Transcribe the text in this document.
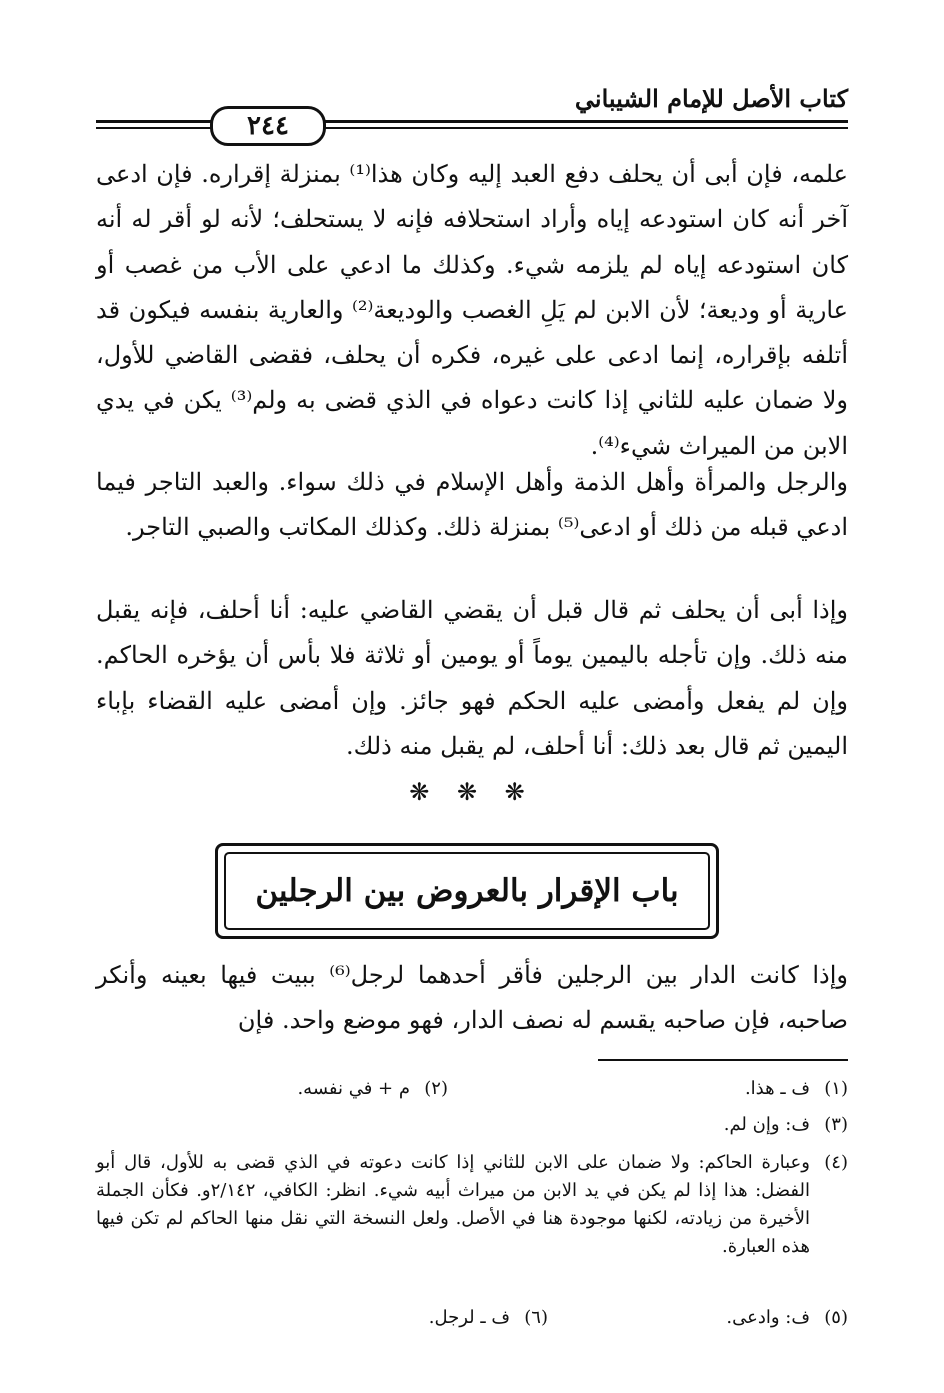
كتاب الأصل للإمام الشيباني
٢٤٤

علمه، فإن أبى أن يحلف دفع العبد إليه وكان هذا⁽¹⁾ بمنزلة إقراره. فإن ادعى آخر أنه كان استودعه إياه وأراد استحلافه فإنه لا يستحلف؛ لأنه لو أقر له أنه كان استودعه إياه لم يلزمه شيء. وكذلك ما ادعي على الأب من غصب أو عارية أو وديعة؛ لأن الابن لم يَلِ الغصب والوديعة⁽²⁾ والعارية بنفسه فيكون قد أتلفه بإقراره، إنما ادعى على غيره، فكره أن يحلف، فقضى القاضي للأول، ولا ضمان عليه للثاني إذا كانت دعواه في الذي قضى به ولم⁽³⁾ يكن في يدي الابن من الميراث شيء⁽⁴⁾.

والرجل والمرأة وأهل الذمة وأهل الإسلام في ذلك سواء. والعبد التاجر فيما ادعي قبله من ذلك أو ادعى⁽⁵⁾ بمنزلة ذلك. وكذلك المكاتب والصبي التاجر.

وإذا أبى أن يحلف ثم قال قبل أن يقضي القاضي عليه: أنا أحلف، فإنه يقبل منه ذلك. وإن تأجله باليمين يوماً أو يومين أو ثلاثة فلا بأس أن يؤخره الحاكم. وإن لم يفعل وأمضى عليه الحكم فهو جائز. وإن أمضى عليه القضاء بإباء اليمين ثم قال بعد ذلك: أنا أحلف، لم يقبل منه ذلك.

❋ ❋ ❋
باب الإقرار بالعروض بين الرجلين

وإذا كانت الدار بين الرجلين فأقر أحدهما لرجل⁽⁶⁾ ببيت فيها بعينه وأنكر صاحبه، فإن صاحبه يقسم له نصف الدار، فهو موضع واحد. فإن

(١)
ف ـ هذا.
(٢)
م + في نفسه.
(٣)
ف: وإن لم.
(٤)
وعبارة الحاكم: ولا ضمان على الابن للثاني إذا كانت دعوته في الذي قضى به للأول، قال أبو الفضل: هذا إذا لم يكن في يد الابن من ميراث أبيه شيء. انظر: الكافي، ٢/١٤٢و. فكأن الجملة الأخيرة من زيادته، لكنها موجودة هنا في الأصل. ولعل النسخة التي نقل منها الحاكم لم تكن فيها هذه العبارة.
(٥)
ف: وادعى.
(٦)
ف ـ لرجل.
